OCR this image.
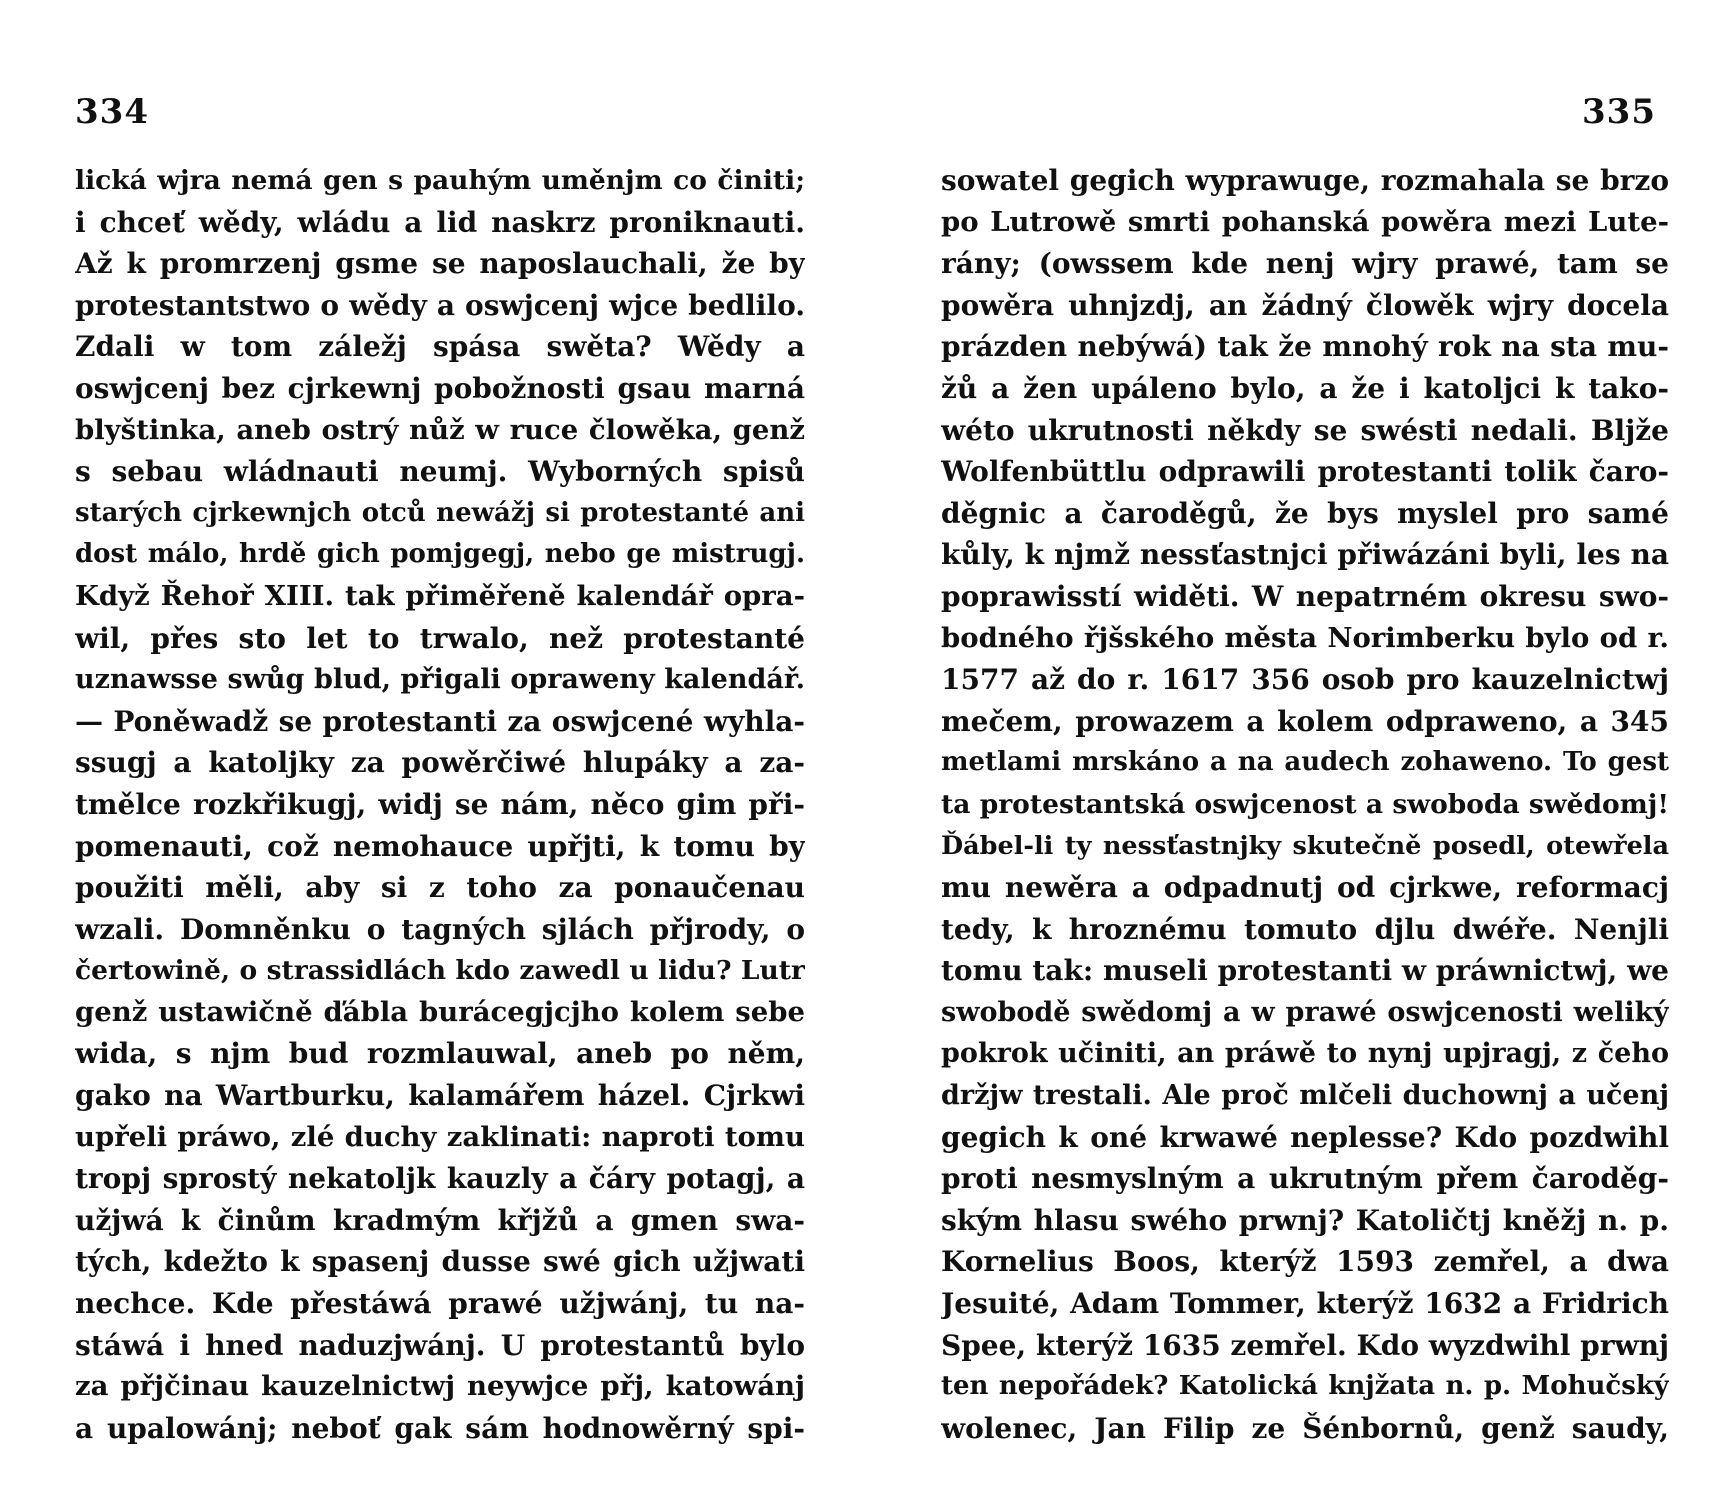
334
lická wjra nemá gen s pauhým uměnjm co činiti;
i chceť wědy, wládu a lid naskrz proniknauti.
Až k promrzenj gsme se naposlauchali, že by
protestantstwo o wědy a oswjcenj wjce bedlilo.
Zdali w tom záležj spása swěta? Wědy a
oswjcenj bez cjrkewnj pobožnosti gsau marná
blyštinka, aneb ostrý nůž w ruce člowěka, genž
s sebau wládnauti neumj. Wyborných spisů
starých cjrkewnjch otců newážj si protestanté ani
dost málo, hrdě gich pomjgegj, nebo ge mistrugj.
Když Řehoř XIII. tak přiměřeně kalendář opra-
wil, přes sto let to trwalo, než protestanté
uznawsse swůg blud, přigali opraweny kalendář.
— Poněwadž se protestanti za oswjcené wyhla-
ssugj a katoljky za powěrčiwé hlupáky a za-
tmělce rozkřikugj, widj se nám, něco gim při-
pomenauti, což nemohauce upřjti, k tomu by
použiti měli, aby si z toho za ponaučenau
wzali. Domněnku o tagných sjlách přjrody, o
čertowině, o strassidlách kdo zawedl u lidu? Lutr
genž ustawičně ďábla burácegjcjho kolem sebe
wida, s njm bud rozmlauwal, aneb po něm,
gako na Wartburku, kalamářem házel. Cjrkwi
upřeli práwo, zlé duchy zaklinati: naproti tomu
tropj sprostý nekatoljk kauzly a čáry potagj, a
užjwá k činům kradmým křjžů a gmen swa-
tých, kdežto k spasenj dusse swé gich užjwati
nechce. Kde přestáwá prawé užjwánj, tu na-
stáwá i hned naduzjwánj. U protestantů bylo
za přjčinau kauzelnictwj neywjce přj, katowánj
a upalowánj; neboť gak sám hodnowěrný spi-
335
sowatel gegich wyprawuge, rozmahala se brzo
po Lutrowě smrti pohanská powěra mezi Lute-
rány; (owssem kde nenj wjry prawé, tam se
powěra uhnjzdj, an žádný člowěk wjry docela
prázden nebýwá) tak že mnohý rok na sta mu-
žů a žen upáleno bylo, a že i katoljci k tako-
wéto ukrutnosti někdy se swésti nedali. Bljže
Wolfenbüttlu odprawili protestanti tolik čaro-
děgnic a čaroděgů, že bys myslel pro samé
kůly, k njmž nessťastnjci přiwázáni byli, les na
poprawisstí widěti. W nepatrném okresu swo-
bodného řjšského města Norimberku bylo od r.
1577 až do r. 1617 356 osob pro kauzelnictwj
mečem, prowazem a kolem odprawenо, a 345
metlami mrskáno a na audech zohaweno. To gest
ta protestantská oswjcenost a swoboda swědomj!
Ďábel-li ty nessťastnjky skutečně posedl, otewřela
mu newěra a odpadnutj od cjrkwe, reformacj
tedy, k hroznému tomuto djlu dwéře. Nenjli
tomu tak: museli protestanti w práwnictwj, we
swobodě swědomj a w prawé oswjcenosti weliký
pokrok učiniti, an práwě to nynj upjragj, z čeho
držjw trestali. Ale proč mlčeli duchownj a učenj
gegich k oné krwawé neplesse? Kdo pozdwihl
proti nesmyslným a ukrutným přem čaroděg-
ským hlasu swého prwnj? Katoličtj kněžj n. p.
Kornelius Boos, kterýž 1593 zemřel, a dwa
Jesuité, Adam Tommer, kterýž 1632 a Fridrich
Spee, kterýž 1635 zemřel. Kdo wyzdwihl prwnj
ten nepořádek? Katolická knjžata n. p. Mohučský
wolenec, Jan Filip ze Šénbornů, genž saudy,
